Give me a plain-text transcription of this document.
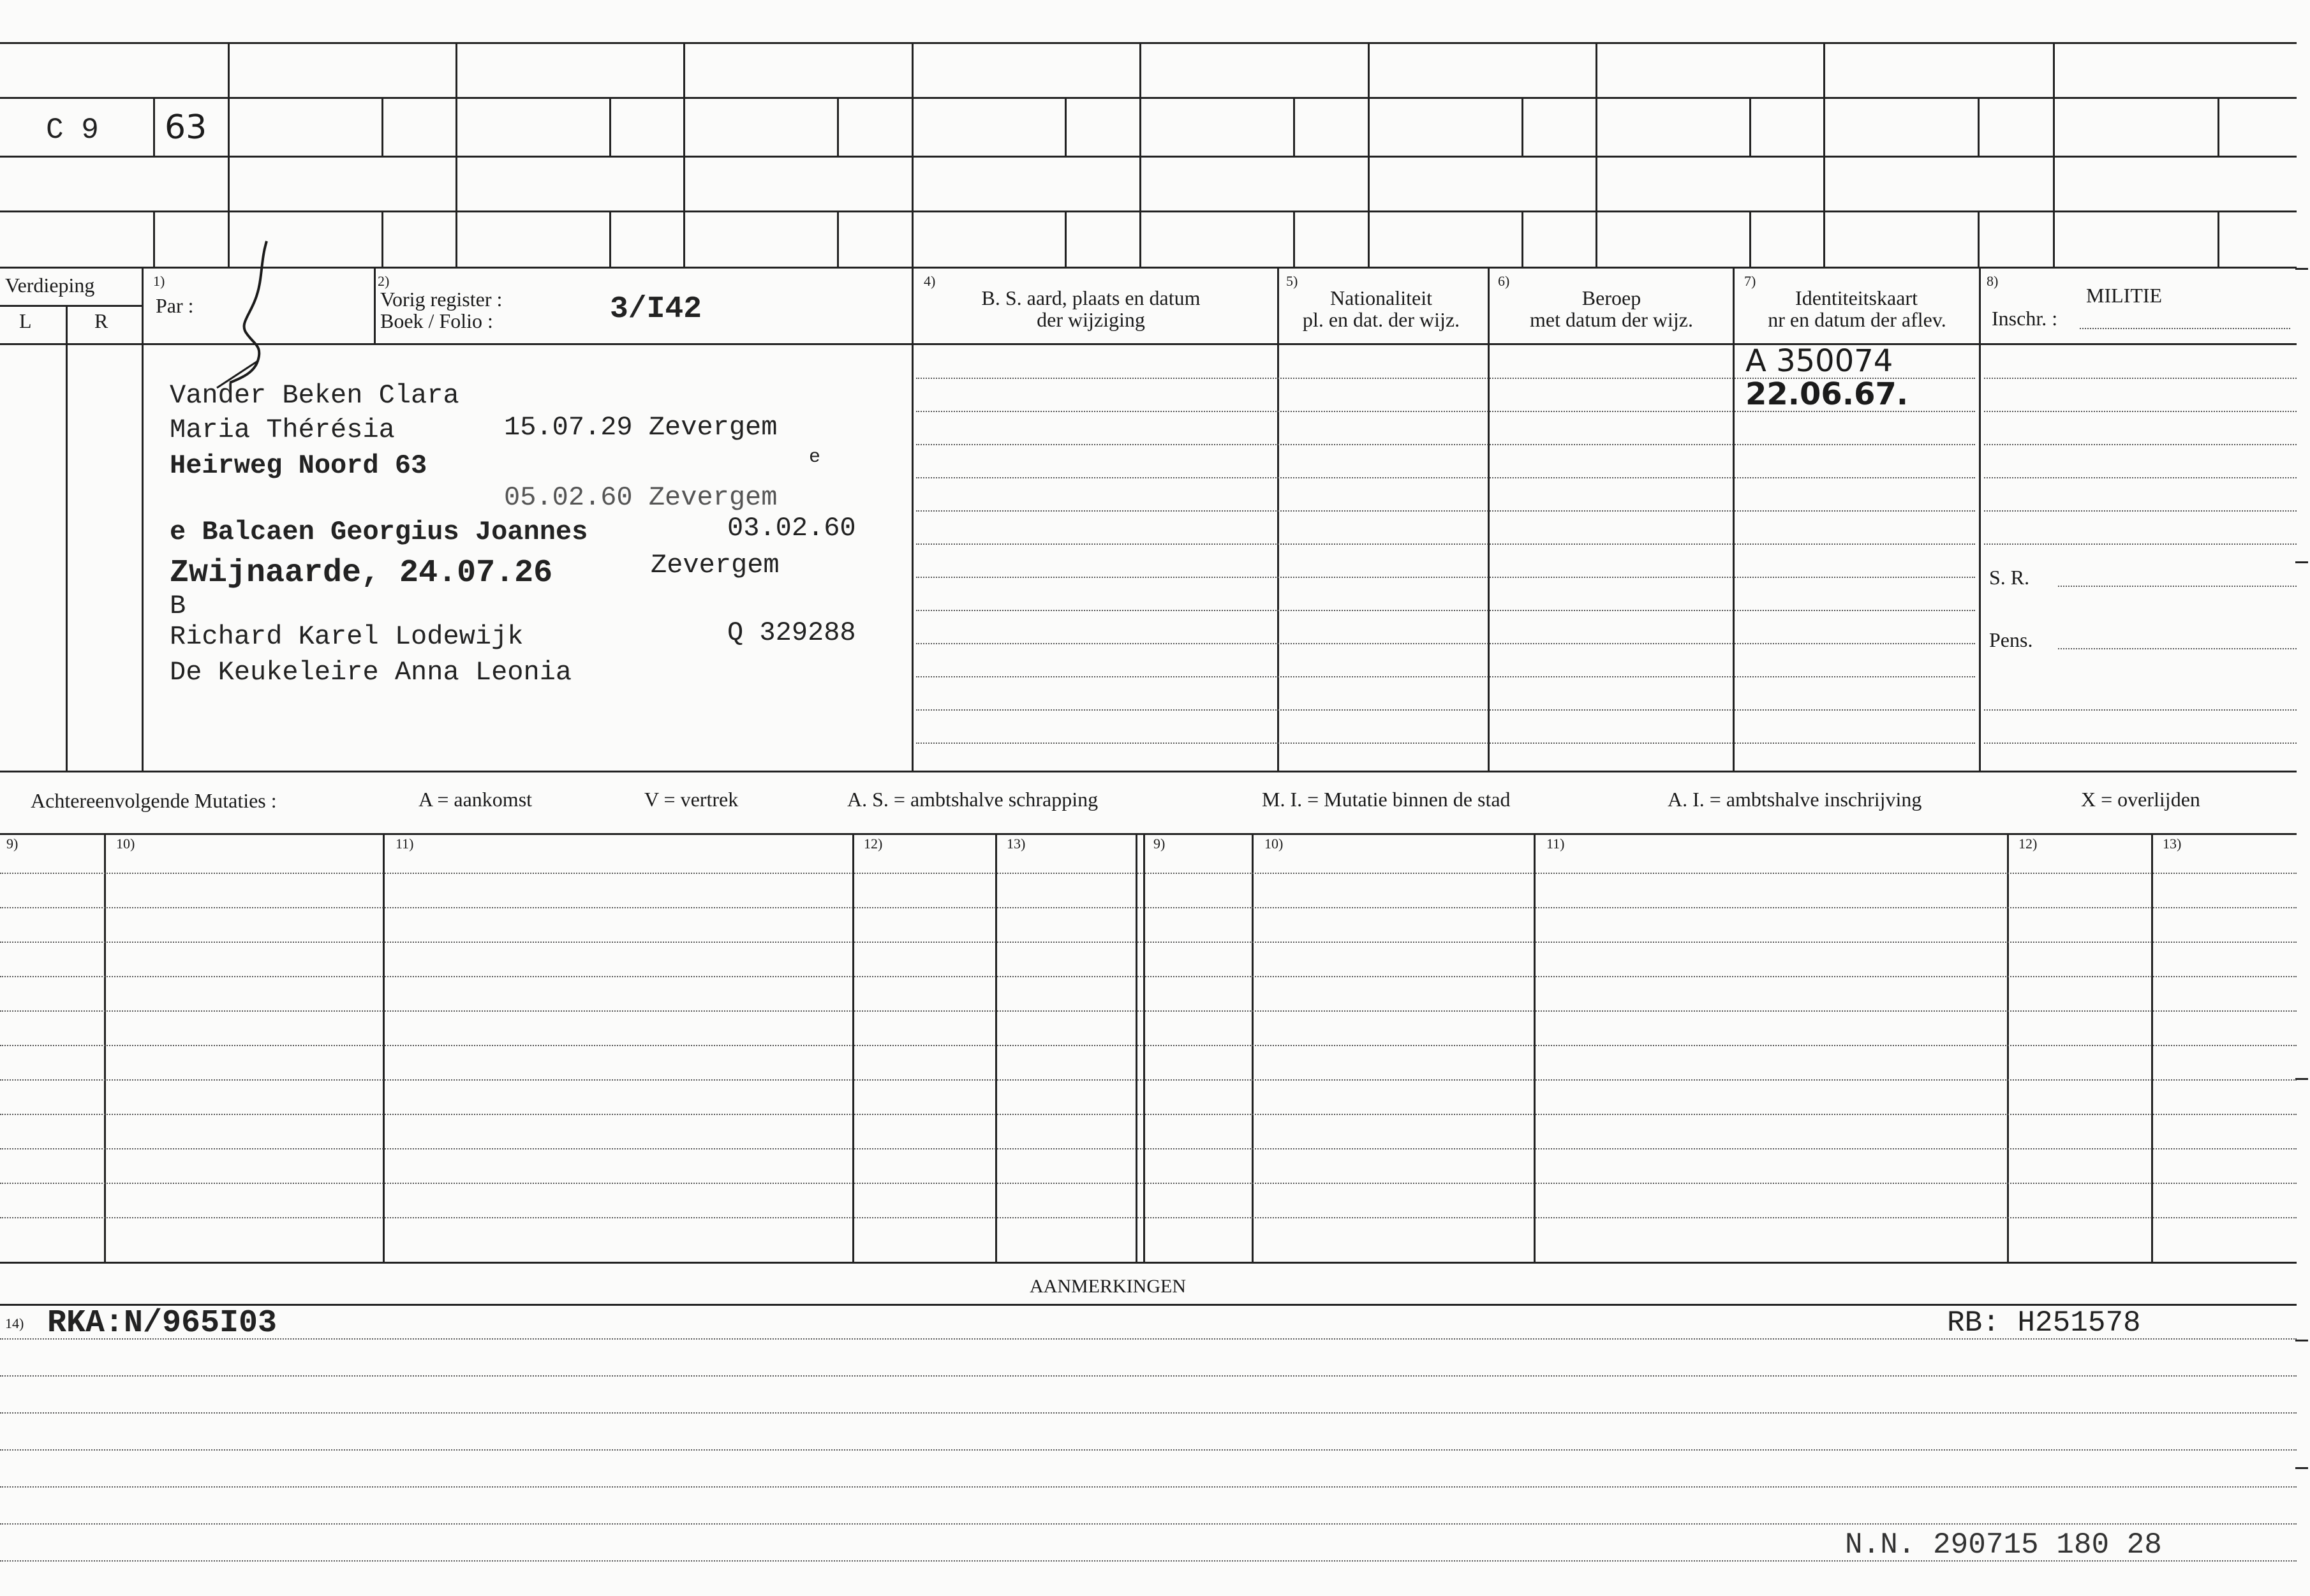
C 9 63
Verdieping
L	R
1)
Par :
2)
Vorig register :
Boek / Folio :	3/I42
4)
B. S. aard, plaats en datum
der wijziging
5)
Nationaliteit
pl. en dat. der wijz.
6)
Beroep
met datum der wijz.
7)
Identiteitskaart
nr en datum der aflev.
8)
MILITIE
Inschr. :
S. R.
Pens.
Vander Beken Clara
Maria Thérésia
Heirweg Noord 63
e Balcaen Georgius Joannes
Zwijnaarde, 24.07.26
B
Richard Karel Lodewijk
De Keukeleire Anna Leonia
15.07.29 Zevergem
e
05.02.60 Zevergem
03.02.60
Zevergem
Q 329288
A 350074
22.06.67.
Achtereenvolgende Mutaties :	A = aankomst	V = vertrek	A. S. = ambtshalve schrapping	M. I. = Mutatie binnen de stad	A. I. = ambtshalve inschrijving	X = overlijden
9)	10)	11)	12)	13)	9)	10)	11)	12)	13)
AANMERKINGEN
14) RKA:N/965I03	RB: H251578
N.N. 290715 180 28
